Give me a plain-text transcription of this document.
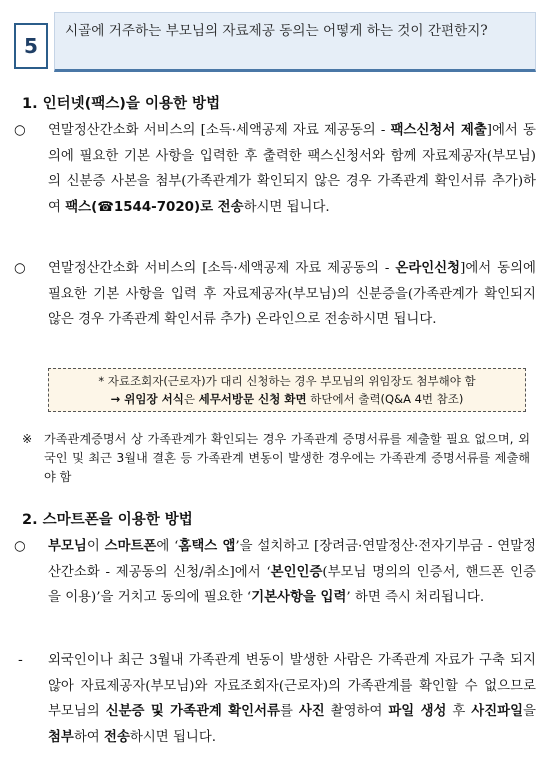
5
시골에 거주하는 부모님의 자료제공 동의는 어떻게 하는 것이 간편한지?
1. 인터넷(팩스)을 이용한 방법
○ 연말정산간소화 서비스의 [소득·세액공제 자료 제공동의 - 팩스신청서 제출]에서 동의에 필요한 기본 사항을 입력한 후 출력한 팩스신청서와 함께 자료제공자(부모님)의 신분증 사본을 첨부(가족관계가 확인되지 않은 경우 가족관계 확인서류 추가)하여 팩스(☎1544-7020)로 전송하시면 됩니다.
○ 연말정산간소화 서비스의 [소득·세액공제 자료 제공동의 - 온라인신청]에서 동의에 필요한 기본 사항을 입력 후 자료제공자(부모님)의 신분증을(가족관계가 확인되지 않은 경우 가족관계 확인서류 추가) 온라인으로 전송하시면 됩니다.
* 자료조회자(근로자)가 대리 신청하는 경우 부모님의 위임장도 첨부해야 함
→ 위임장 서식은 세무서방문 신청 화면 하단에서 출력(Q&A 4번 참조)
※ 가족관계증명서 상 가족관계가 확인되는 경우 가족관계 증명서류를 제출할 필요 없으며, 외국인 및 최근 3월내 결혼 등 가족관계 변동이 발생한 경우에는 가족관계 증명서류를 제출해야 함
2. 스마트폰을 이용한 방법
○ 부모님이 스마트폰에 ‘홈택스 앱’을 설치하고 [장려금·연말정산·전자기부금 - 연말정산간소화 - 제공동의 신청/취소]에서 ‘본인인증(부모님 명의의 인증서, 핸드폰 인증을 이용)’을 거치고 동의에 필요한 ‘기본사항을 입력’ 하면 즉시 처리됩니다.
- 외국인이나 최근 3월내 가족관계 변동이 발생한 사람은 가족관계 자료가 구축 되지 않아 자료제공자(부모님)와 자료조회자(근로자)의 가족관계를 확인할 수 없으므로 부모님의 신분증 및 가족관계 확인서류를 사진 촬영하여 파일 생성 후 사진파일을 첨부하여 전송하시면 됩니다.
